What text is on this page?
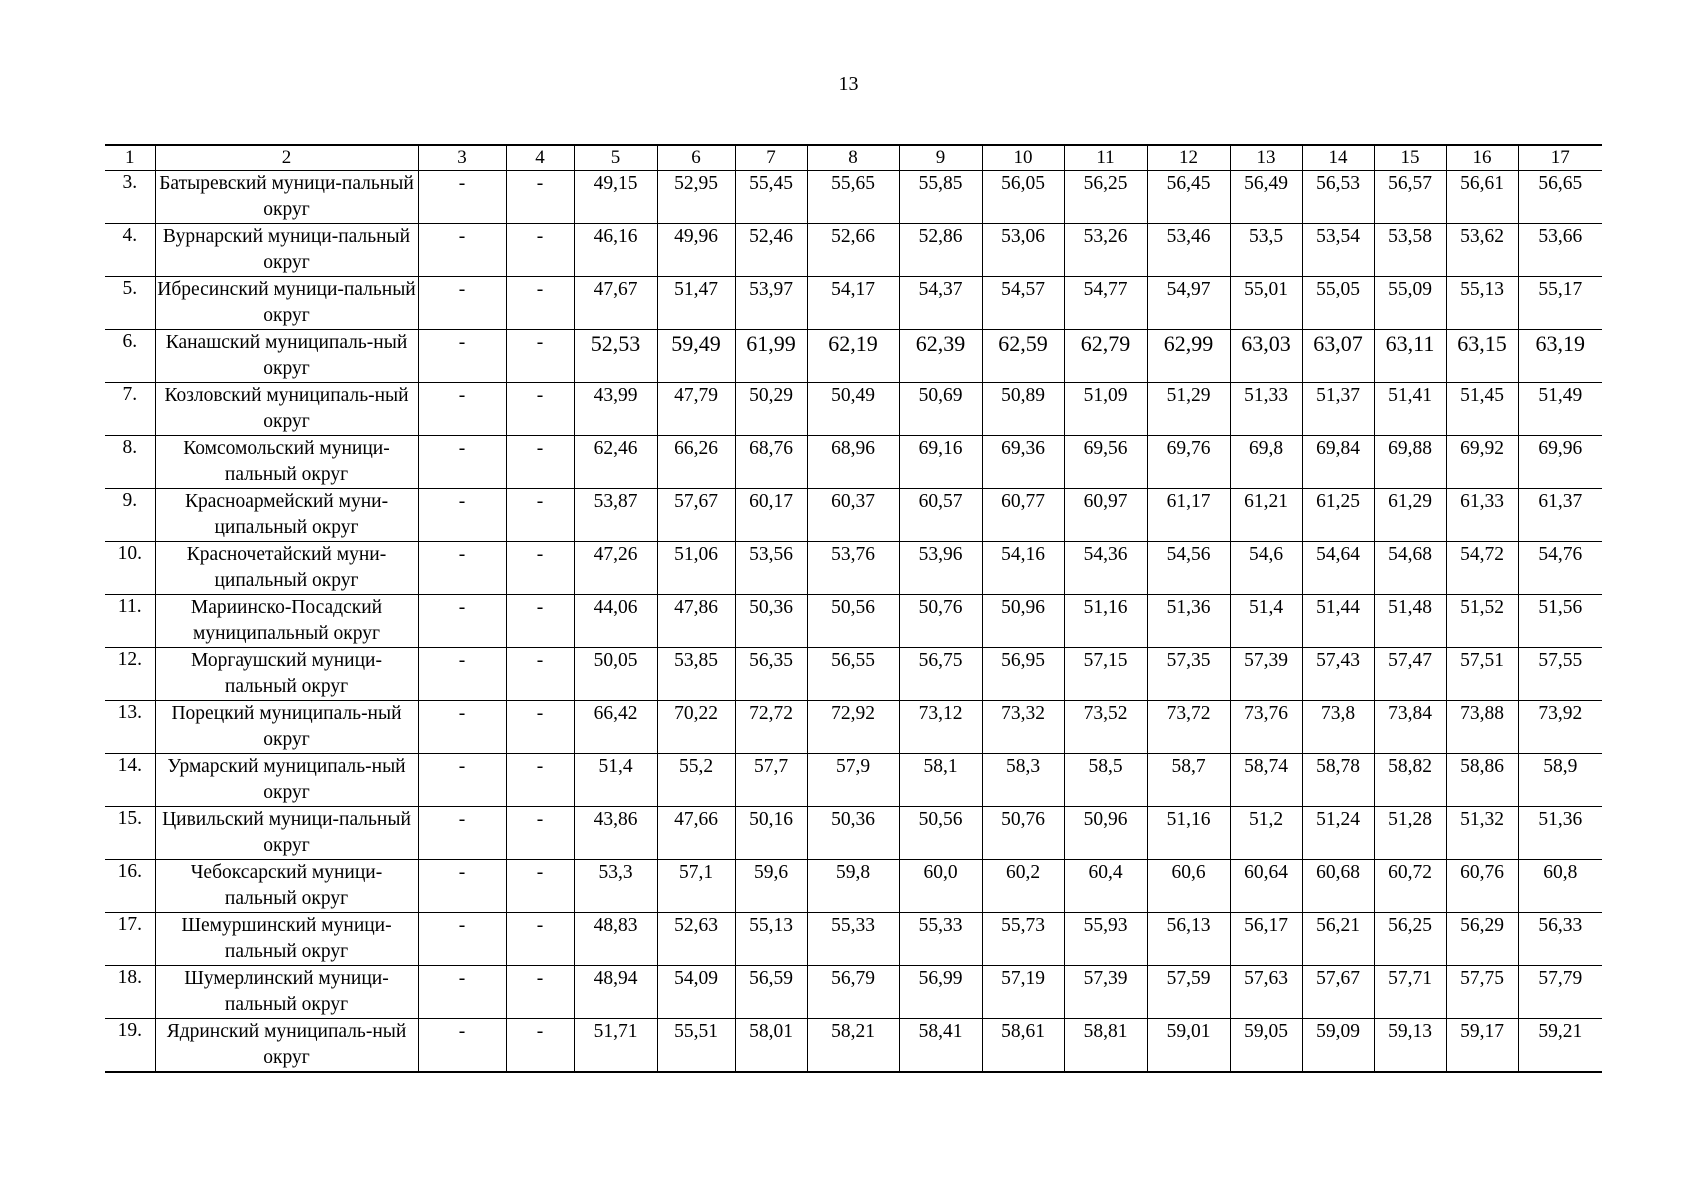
13
1	2	3	4	5	6	7	8	9	10	11	12	13	14	15	16	17
3.	Батыревский муници-пальный округ	-	-	49,15	52,95	55,45	55,65	55,85	56,05	56,25	56,45	56,49	56,53	56,57	56,61	56,65
4.	Вурнарский муници-пальный округ	-	-	46,16	49,96	52,46	52,66	52,86	53,06	53,26	53,46	53,5	53,54	53,58	53,62	53,66
5.	Ибресинский муници-пальный округ	-	-	47,67	51,47	53,97	54,17	54,37	54,57	54,77	54,97	55,01	55,05	55,09	55,13	55,17
6.	Канашский муниципаль-ный округ	-	-	52,53	59,49	61,99	62,19	62,39	62,59	62,79	62,99	63,03	63,07	63,11	63,15	63,19
7.	Козловский муниципаль-ный округ	-	-	43,99	47,79	50,29	50,49	50,69	50,89	51,09	51,29	51,33	51,37	51,41	51,45	51,49
8.	Комсомольский муници-пальный округ	-	-	62,46	66,26	68,76	68,96	69,16	69,36	69,56	69,76	69,8	69,84	69,88	69,92	69,96
9.	Красноармейский муни-ципальный округ	-	-	53,87	57,67	60,17	60,37	60,57	60,77	60,97	61,17	61,21	61,25	61,29	61,33	61,37
10.	Красночетайский муни-ципальный округ	-	-	47,26	51,06	53,56	53,76	53,96	54,16	54,36	54,56	54,6	54,64	54,68	54,72	54,76
11.	Мариинско-Посадский муниципальный округ	-	-	44,06	47,86	50,36	50,56	50,76	50,96	51,16	51,36	51,4	51,44	51,48	51,52	51,56
12.	Моргаушский муници-пальный округ	-	-	50,05	53,85	56,35	56,55	56,75	56,95	57,15	57,35	57,39	57,43	57,47	57,51	57,55
13.	Порецкий муниципаль-ный округ	-	-	66,42	70,22	72,72	72,92	73,12	73,32	73,52	73,72	73,76	73,8	73,84	73,88	73,92
14.	Урмарский муниципаль-ный округ	-	-	51,4	55,2	57,7	57,9	58,1	58,3	58,5	58,7	58,74	58,78	58,82	58,86	58,9
15.	Цивильский муници-пальный округ	-	-	43,86	47,66	50,16	50,36	50,56	50,76	50,96	51,16	51,2	51,24	51,28	51,32	51,36
16.	Чебоксарский муници-пальный округ	-	-	53,3	57,1	59,6	59,8	60,0	60,2	60,4	60,6	60,64	60,68	60,72	60,76	60,8
17.	Шемуршинский муници-пальный округ	-	-	48,83	52,63	55,13	55,33	55,33	55,73	55,93	56,13	56,17	56,21	56,25	56,29	56,33
18.	Шумерлинский муници-пальный округ	-	-	48,94	54,09	56,59	56,79	56,99	57,19	57,39	57,59	57,63	57,67	57,71	57,75	57,79
19.	Ядринский муниципаль-ный округ	-	-	51,71	55,51	58,01	58,21	58,41	58,61	58,81	59,01	59,05	59,09	59,13	59,17	59,21
